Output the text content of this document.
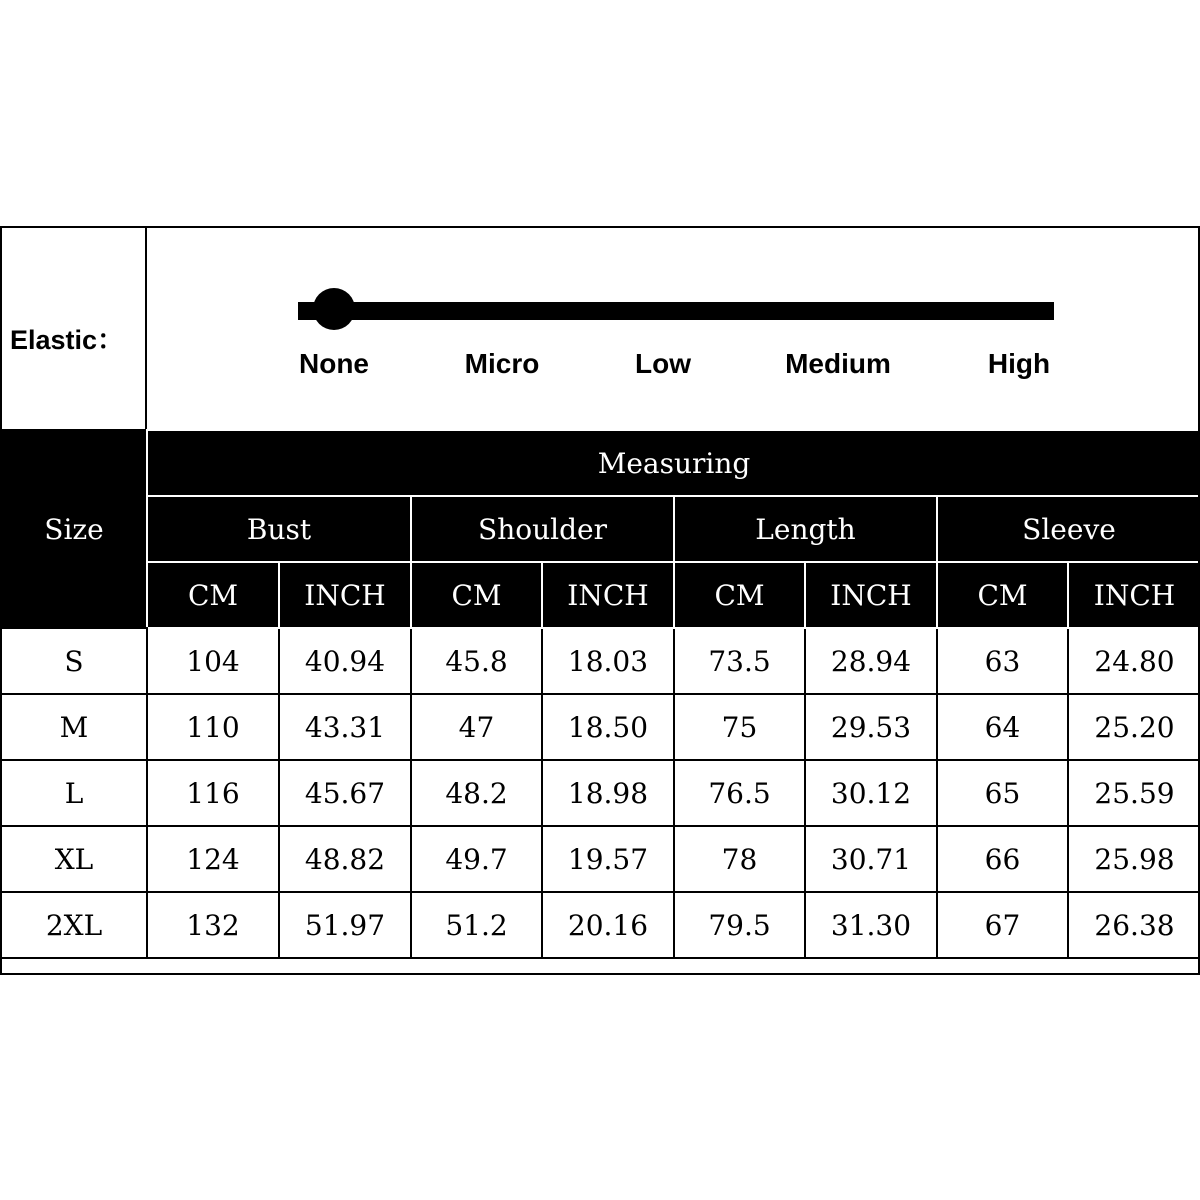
Elastic：
None	Micro	Low	Medium	High
Size	Measuring							
	Bust		Shoulder		Length		Sleeve	
	CM	INCH	CM	INCH	CM	INCH	CM	INCH
S	104	40.94	45.8	18.03	73.5	28.94	63	24.80
M	110	43.31	47	18.50	75	29.53	64	25.20
L	116	45.67	48.2	18.98	76.5	30.12	65	25.59
XL	124	48.82	49.7	19.57	78	30.71	66	25.98
2XL	132	51.97	51.2	20.16	79.5	31.30	67	26.38
